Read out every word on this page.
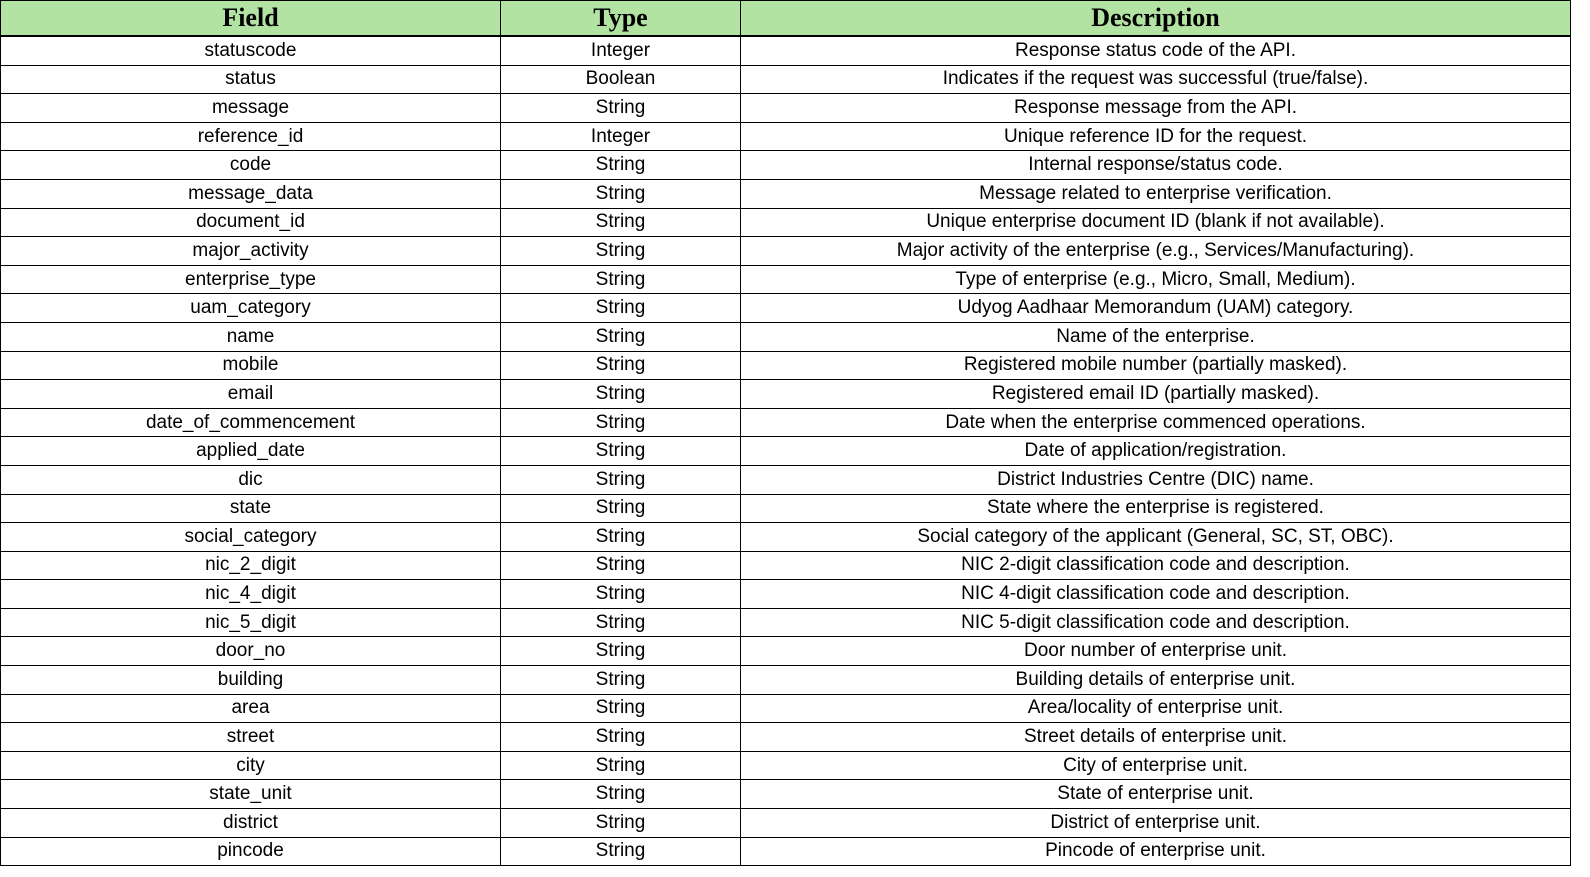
Field	Type	Description
statuscode	Integer	Response status code of the API.
status	Boolean	Indicates if the request was successful (true/false).
message	String	Response message from the API.
reference_id	Integer	Unique reference ID for the request.
code	String	Internal response/status code.
message_data	String	Message related to enterprise verification.
document_id	String	Unique enterprise document ID (blank if not available).
major_activity	String	Major activity of the enterprise (e.g., Services/Manufacturing).
enterprise_type	String	Type of enterprise (e.g., Micro, Small, Medium).
uam_category	String	Udyog Aadhaar Memorandum (UAM) category.
name	String	Name of the enterprise.
mobile	String	Registered mobile number (partially masked).
email	String	Registered email ID (partially masked).
date_of_commencement	String	Date when the enterprise commenced operations.
applied_date	String	Date of application/registration.
dic	String	District Industries Centre (DIC) name.
state	String	State where the enterprise is registered.
social_category	String	Social category of the applicant (General, SC, ST, OBC).
nic_2_digit	String	NIC 2-digit classification code and description.
nic_4_digit	String	NIC 4-digit classification code and description.
nic_5_digit	String	NIC 5-digit classification code and description.
door_no	String	Door number of enterprise unit.
building	String	Building details of enterprise unit.
area	String	Area/locality of enterprise unit.
street	String	Street details of enterprise unit.
city	String	City of enterprise unit.
state_unit	String	State of enterprise unit.
district	String	District of enterprise unit.
pincode	String	Pincode of enterprise unit.
